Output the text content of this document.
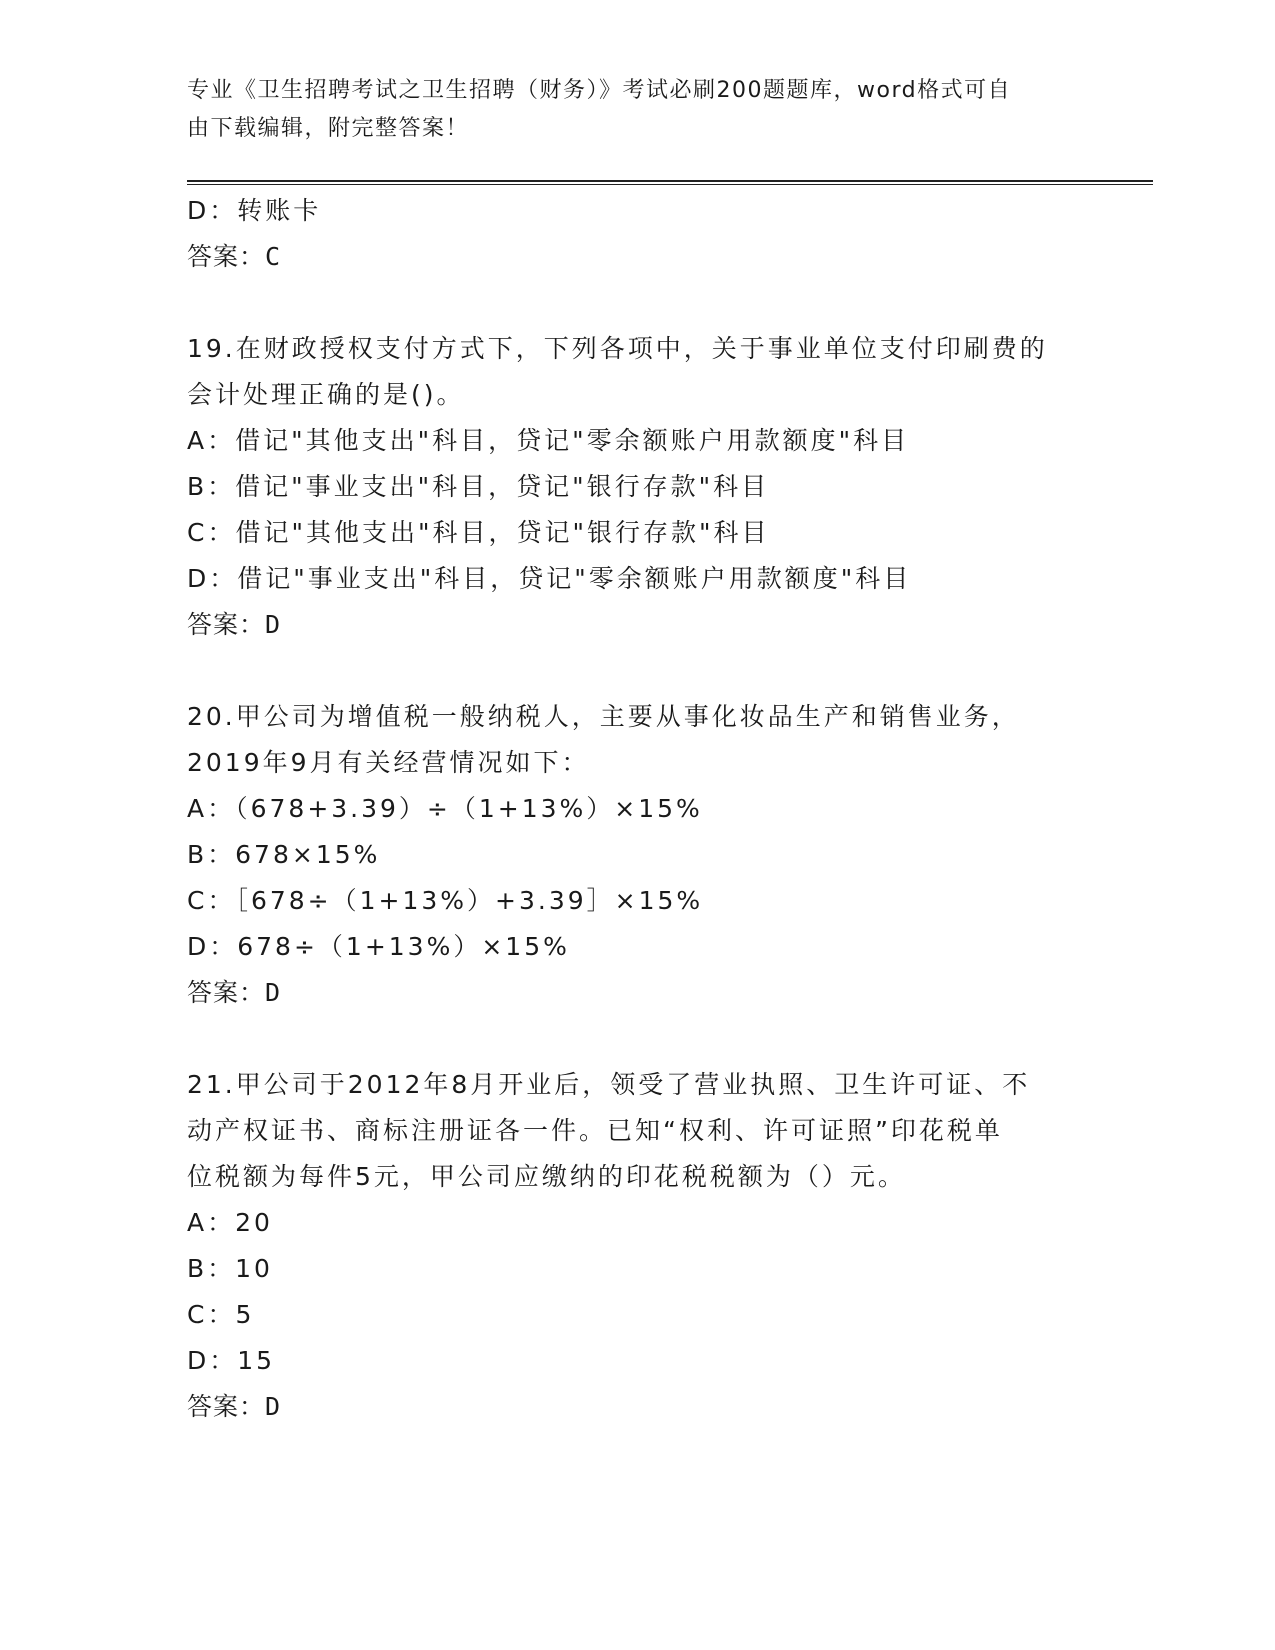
专业《卫生招聘考试之卫生招聘（财务）》考试必刷200题题库，word格式可自
由下载编辑，附完整答案！
D：转账卡
答案：C
19.在财政授权支付方式下，下列各项中，关于事业单位支付印刷费的
会计处理正确的是()。
A：借记"其他支出"科目，贷记"零余额账户用款额度"科目
B：借记"事业支出"科目，贷记"银行存款"科目
C：借记"其他支出"科目，贷记"银行存款"科目
D：借记"事业支出"科目，贷记"零余额账户用款额度"科目
答案：D
20.甲公司为增值税一般纳税人，主要从事化妆品生产和销售业务，
2019年9月有关经营情况如下：
A：（678+3.39）÷（1+13%）×15%
B：678×15%
C：［678÷（1+13%）+3.39］×15%
D：678÷（1+13%）×15%
答案：D
21.甲公司于2012年8月开业后，领受了营业执照、卫生许可证、不
动产权证书、商标注册证各一件。已知“权利、许可证照”印花税单
位税额为每件5元，甲公司应缴纳的印花税税额为（）元。
A：20
B：10
C：5
D：15
答案：D
